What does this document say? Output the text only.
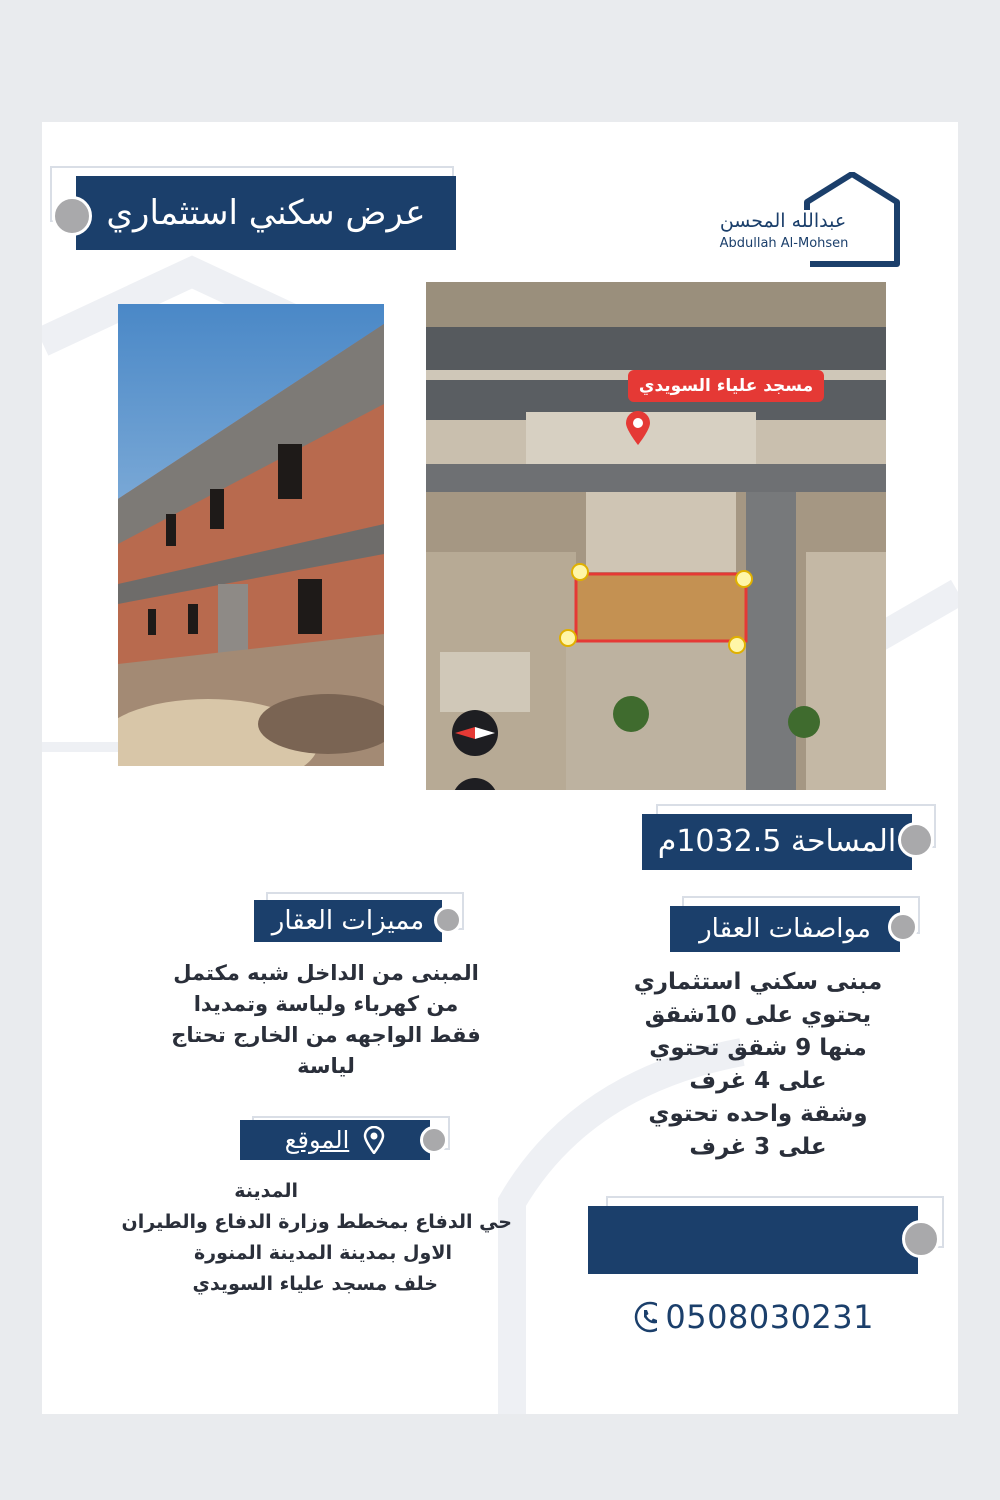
عرض سكني استثماري	عبدالله المحسن
Abdullah Al-Mohsen
مسجد علياء السويدي
المساحة 1032.5م
مميزات العقار	مواصفات العقار
المبنى من الداخل شبه مكتمل
من كهرباء ولياسة وتمديدا
فقط الواجهه من الخارج تحتاج
لياسة
مبنى سكني استثماري
يحتوي على 10شقق
منها 9 شقق تحتوي
على 4 غرف
وشقة واحده تحتوي
على 3 غرف
الموقع
المدينة
حي الدفاع بمخطط وزارة الدفاع والطيران
الاول بمدينة المدينة المنورة
خلف مسجد علياء السويدي
0508030231
